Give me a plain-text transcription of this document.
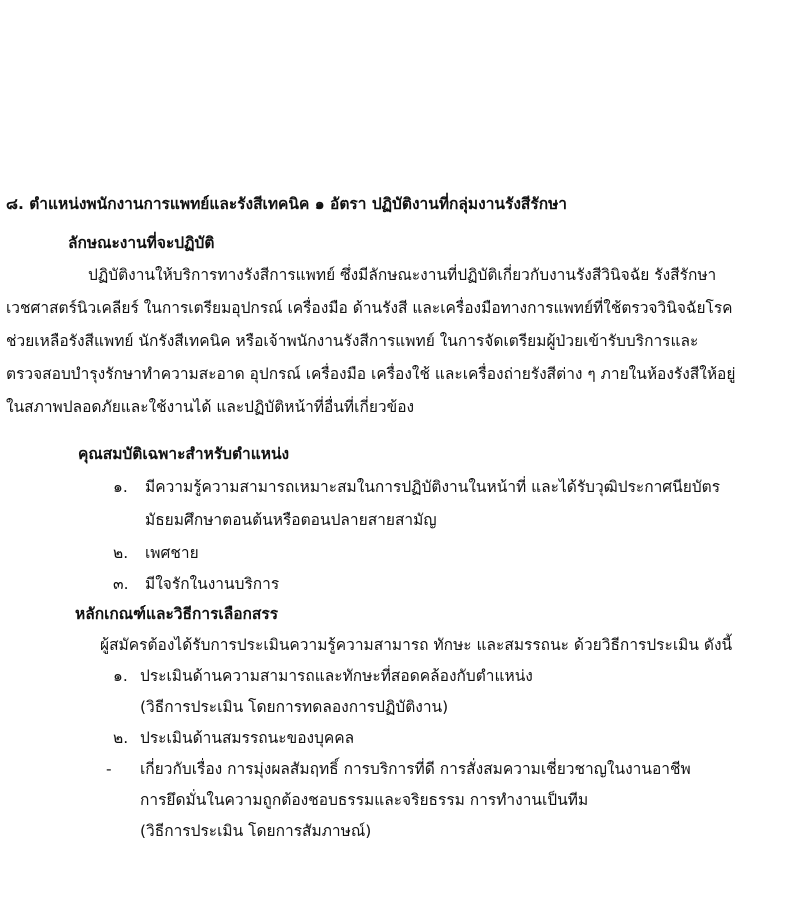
๘. ตำแหน่งพนักงานการแพทย์และรังสีเทคนิค ๑ อัตรา ปฏิบัติงานที่กลุ่มงานรังสีรักษา
ลักษณะงานที่จะปฏิบัติ
ปฏิบัติงานให้บริการทางรังสีการแพทย์ ซึ่งมีลักษณะงานที่ปฏิบัติเกี่ยวกับงานรังสีวินิจฉัย รังสีรักษา
เวชศาสตร์นิวเคลียร์ ในการเตรียมอุปกรณ์ เครื่องมือ ด้านรังสี และเครื่องมือทางการแพทย์ที่ใช้ตรวจวินิจฉัยโรค
ช่วยเหลือรังสีแพทย์ นักรังสีเทคนิค หรือเจ้าพนักงานรังสีการแพทย์ ในการจัดเตรียมผู้ป่วยเข้ารับบริการและ
ตรวจสอบบำรุงรักษาทำความสะอาด อุปกรณ์ เครื่องมือ เครื่องใช้ และเครื่องถ่ายรังสีต่าง ๆ ภายในห้องรังสีให้อยู่
ในสภาพปลอดภัยและใช้งานได้ และปฏิบัติหน้าที่อื่นที่เกี่ยวข้อง
คุณสมบัติเฉพาะสำหรับตำแหน่ง
๑. มีความรู้ความสามารถเหมาะสมในการปฏิบัติงานในหน้าที่ และได้รับวุฒิประกาศนียบัตร
มัธยมศึกษาตอนต้นหรือตอนปลายสายสามัญ
๒. เพศชาย
๓. มีใจรักในงานบริการ
หลักเกณฑ์และวิธีการเลือกสรร
ผู้สมัครต้องได้รับการประเมินความรู้ความสามารถ ทักษะ และสมรรถนะ ด้วยวิธีการประเมิน ดังนี้
๑. ประเมินด้านความสามารถและทักษะที่สอดคล้องกับตำแหน่ง
(วิธีการประเมิน โดยการทดลองการปฏิบัติงาน)
๒. ประเมินด้านสมรรถนะของบุคคล
- เกี่ยวกับเรื่อง การมุ่งผลสัมฤทธิ์ การบริการที่ดี การสั่งสมความเชี่ยวชาญในงานอาชีพ
การยึดมั่นในความถูกต้องชอบธรรมและจริยธรรม การทำงานเป็นทีม
(วิธีการประเมิน โดยการสัมภาษณ์)
